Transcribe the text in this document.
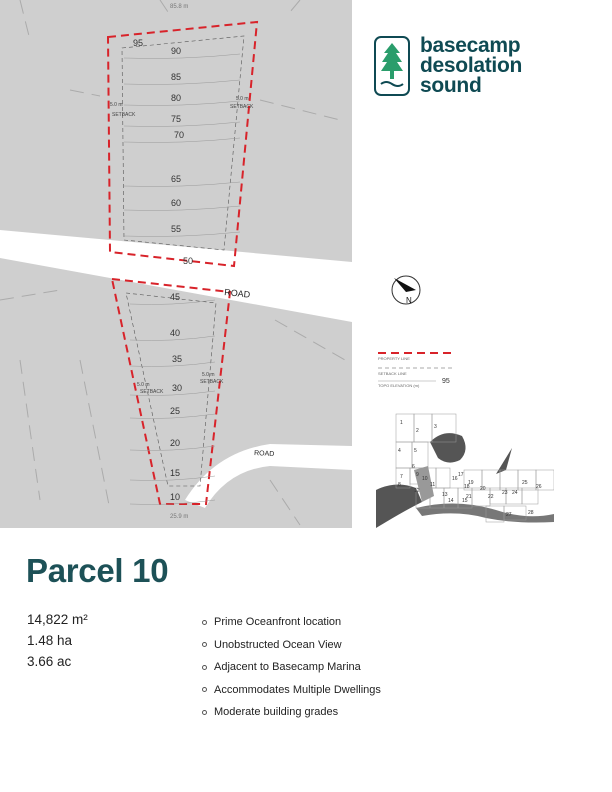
90
85
80
75
70
65
60
55
95
50
45
40
35
30
25
20
15
10
ROAD
ROAD
85.8 m
25.9 m
5.0 m
SETBACK
5.0 m
SETBACK
5.0 m
SETBACK
5.0 m
SETBACK
basecamp
desolation
sound
N
PROPERTY LINE
SETBACK LINE
TOPO ELEVATION (m)
95
1
2
3
4	5
6
7
8
9
10
11
12
13
14 15
16
17
18
19
20
21	22
23 24
25
26
27	28
Parcel 10
14,822 m²
1.48 ha
3.66 ac
Prime Oceanfront location
Unobstructed Ocean View
Adjacent to Basecamp Marina
Accommodates Multiple Dwellings
Moderate building grades
